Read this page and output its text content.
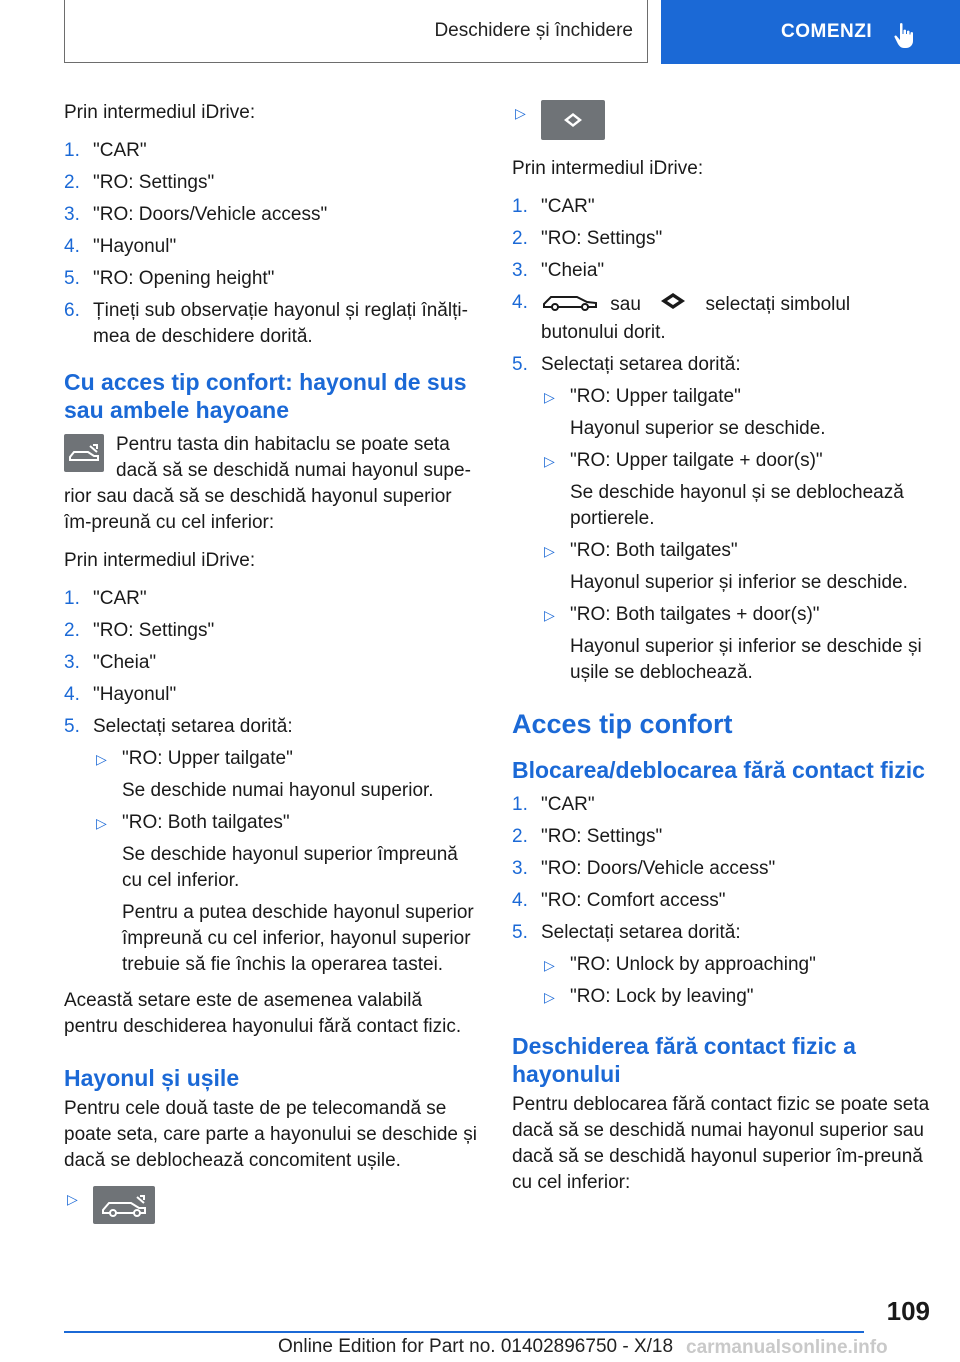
Deschidere și închidere	COMENZI

Prin intermediul iDrive:

1. "CAR"
2. "RO: Settings"
3. "RO: Doors/Vehicle access"
4. "Hayonul"
5. "RO: Opening height"
6. Țineți sub observație hayonul și reglați înălți-mea de deschidere dorită.
Cu acces tip confort: hayonul de sus sau ambele hayoane
Pentru tasta din habitaclu se poate seta dacă să se deschidă numai hayonul supe-rior sau dacă să se deschidă hayonul superior îm-preună cu cel inferior:

Prin intermediul iDrive:

1. "CAR"
2. "RO: Settings"
3. "Cheia"
4. "Hayonul"
5. Selectați setarea dorită:
▷ "RO: Upper tailgate"
Se deschide numai hayonul superior.
▷ "RO: Both tailgates"
Se deschide hayonul superior împreună cu cel inferior.
Pentru a putea deschide hayonul superior împreună cu cel inferior, hayonul superior trebuie să fie închis la operarea tastei.

Această setare este de asemenea valabilă pentru deschiderea hayonului fără contact fizic.

Hayonul și ușile

Pentru cele două taste de pe telecomandă se poate seta, care parte a hayonului se deschide și dacă se deblochează concomitent ușile.

▷
▷

Prin intermediul iDrive:

1. "CAR"
2. "RO: Settings"
3. "Cheia"
4.	sau	selectați simbolul butonului dorit.
5. Selectați setarea dorită:
▷ "RO: Upper tailgate"
Hayonul superior se deschide.
▷ "RO: Upper tailgate + door(s)"
Se deschide hayonul și se deblochează portierele.
▷ "RO: Both tailgates"
Hayonul superior și inferior se deschide.
▷ "RO: Both tailgates + door(s)"
Hayonul superior și inferior se deschide și ușile se deblochează.
Acces tip confort
Blocarea/deblocarea fără contact fizic
1. "CAR"
2. "RO: Settings"
3. "RO: Doors/Vehicle access"
4. "RO: Comfort access"
5. Selectați setarea dorită:
▷ "RO: Unlock by approaching"
▷ "RO: Lock by leaving"
Deschiderea fără contact fizic a hayonului

Pentru deblocarea fără contact fizic se poate seta dacă să se deschidă numai hayonul superior sau dacă să se deschidă hayonul superior îm-preună cu cel inferior:

109
Online Edition for Part no. 01402896750 - X/18 carmanualsonline.info
